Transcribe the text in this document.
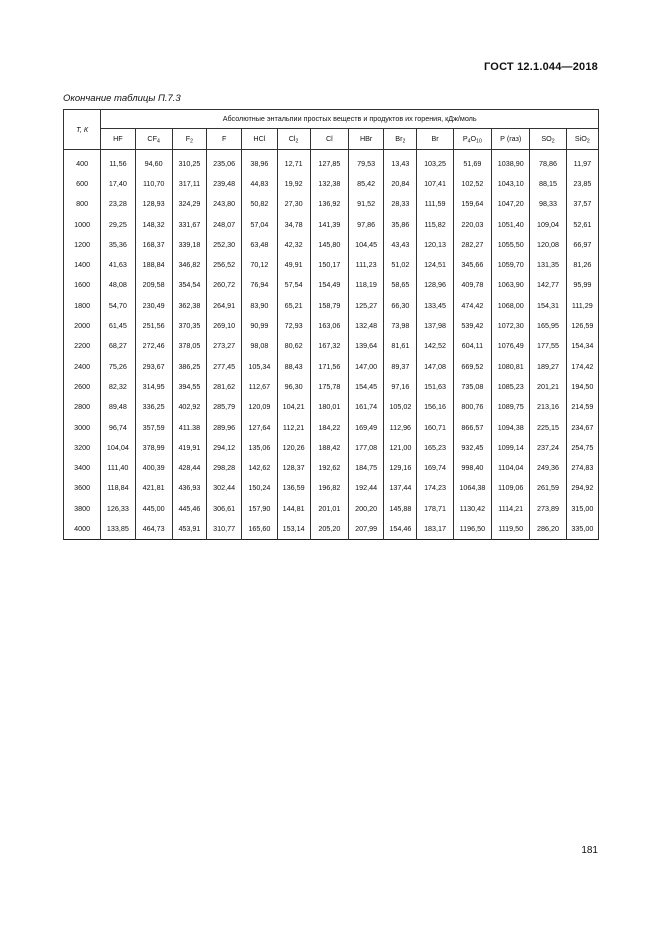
ГОСТ 12.1.044—2018
Окончание таблицы П.7.3
Т, К	Абсолютные энтальпии простых веществ и продуктов их горения, кДж/моль													
	HF	$CF_4$	$F_2$	F	HCl	$Cl_2$	Cl	HBr	$Br_2$	Br	$P_4O_{10}$	P (газ)	$SO_2$	SiO$_2$
400	11,56	94,60	310,25	235,06	38,96	12,71	127,85	79,53	13,43	103,25	51,69	1038,90	78,86	11,97
600	17,40	110,70	317,11	239,48	44,83	19,92	132,38	85,42	20,84	107,41	102,52	1043,10	88,15	23,85
800	23,28	128,93	324,29	243,80	50,82	27,30	136,92	91,52	28,33	111,59	159,64	1047,20	98,33	37,57
1000	29,25	148,32	331,67	248,07	57,04	34,78	141,39	97,86	35,86	115,82	220,03	1051,40	109,04	52,61
1200	35,36	168,37	339,18	252,30	63,48	42,32	145,80	104,45	43,43	120,13	282,27	1055,50	120,08	66,97
1400	41,63	188,84	346,82	256,52	70,12	49,91	150,17	111,23	51,02	124,51	345,66	1059,70	131,35	81,26
1600	48,08	209,58	354,54	260,72	76,94	57,54	154,49	118,19	58,65	128,96	409,78	1063,90	142,77	95,99
1800	54,70	230,49	362,38	264,91	83,90	65,21	158,79	125,27	66,30	133,45	474,42	1068,00	154,31	111,29
2000	61,45	251,56	370,35	269,10	90,99	72,93	163,06	132,48	73,98	137,98	539,42	1072,30	165,95	126,59
2200	68,27	272,46	378,05	273,27	98,08	80,62	167,32	139,64	81,61	142,52	604,11	1076,49	177,55	154,34
2400	75,26	293,67	386,25	277,45	105,34	88,43	171,56	147,00	89,37	147,08	669,52	1080,81	189,27	174,42
2600	82,32	314,95	394,55	281,62	112,67	96,30	175,78	154,45	97,16	151,63	735,08	1085,23	201,21	194,50
2800	89,48	336,25	402,92	285,79	120,09	104,21	180,01	161,74	105,02	156,16	800,76	1089,75	213,16	214,59
3000	96,74	357,59	411.38	289,96	127,64	112,21	184,22	169,49	112,96	160,71	866,57	1094,38	225,15	234,67
3200	104,04	378,99	419,91	294,12	135,06	120,26	188,42	177,08	121,00	165,23	932,45	1099,14	237,24	254,75
3400	111,40	400,39	428,44	298,28	142,62	128,37	192,62	184,75	129,16	169,74	998,40	1104,04	249,36	274,83
3600	118,84	421,81	436,93	302,44	150,24	136,59	196,82	192,44	137,44	174,23	1064,38	1109,06	261,59	294,92
3800	126,33	445,00	445,46	306,61	157,90	144,81	201,01	200,20	145,88	178,71	1130,42	1114,21	273,89	315,00
4000	133,85	464,73	453,91	310,77	165,60	153,14	205,20	207,99	154,46	183,17	1196,50	1119,50	286,20	335,00
181
